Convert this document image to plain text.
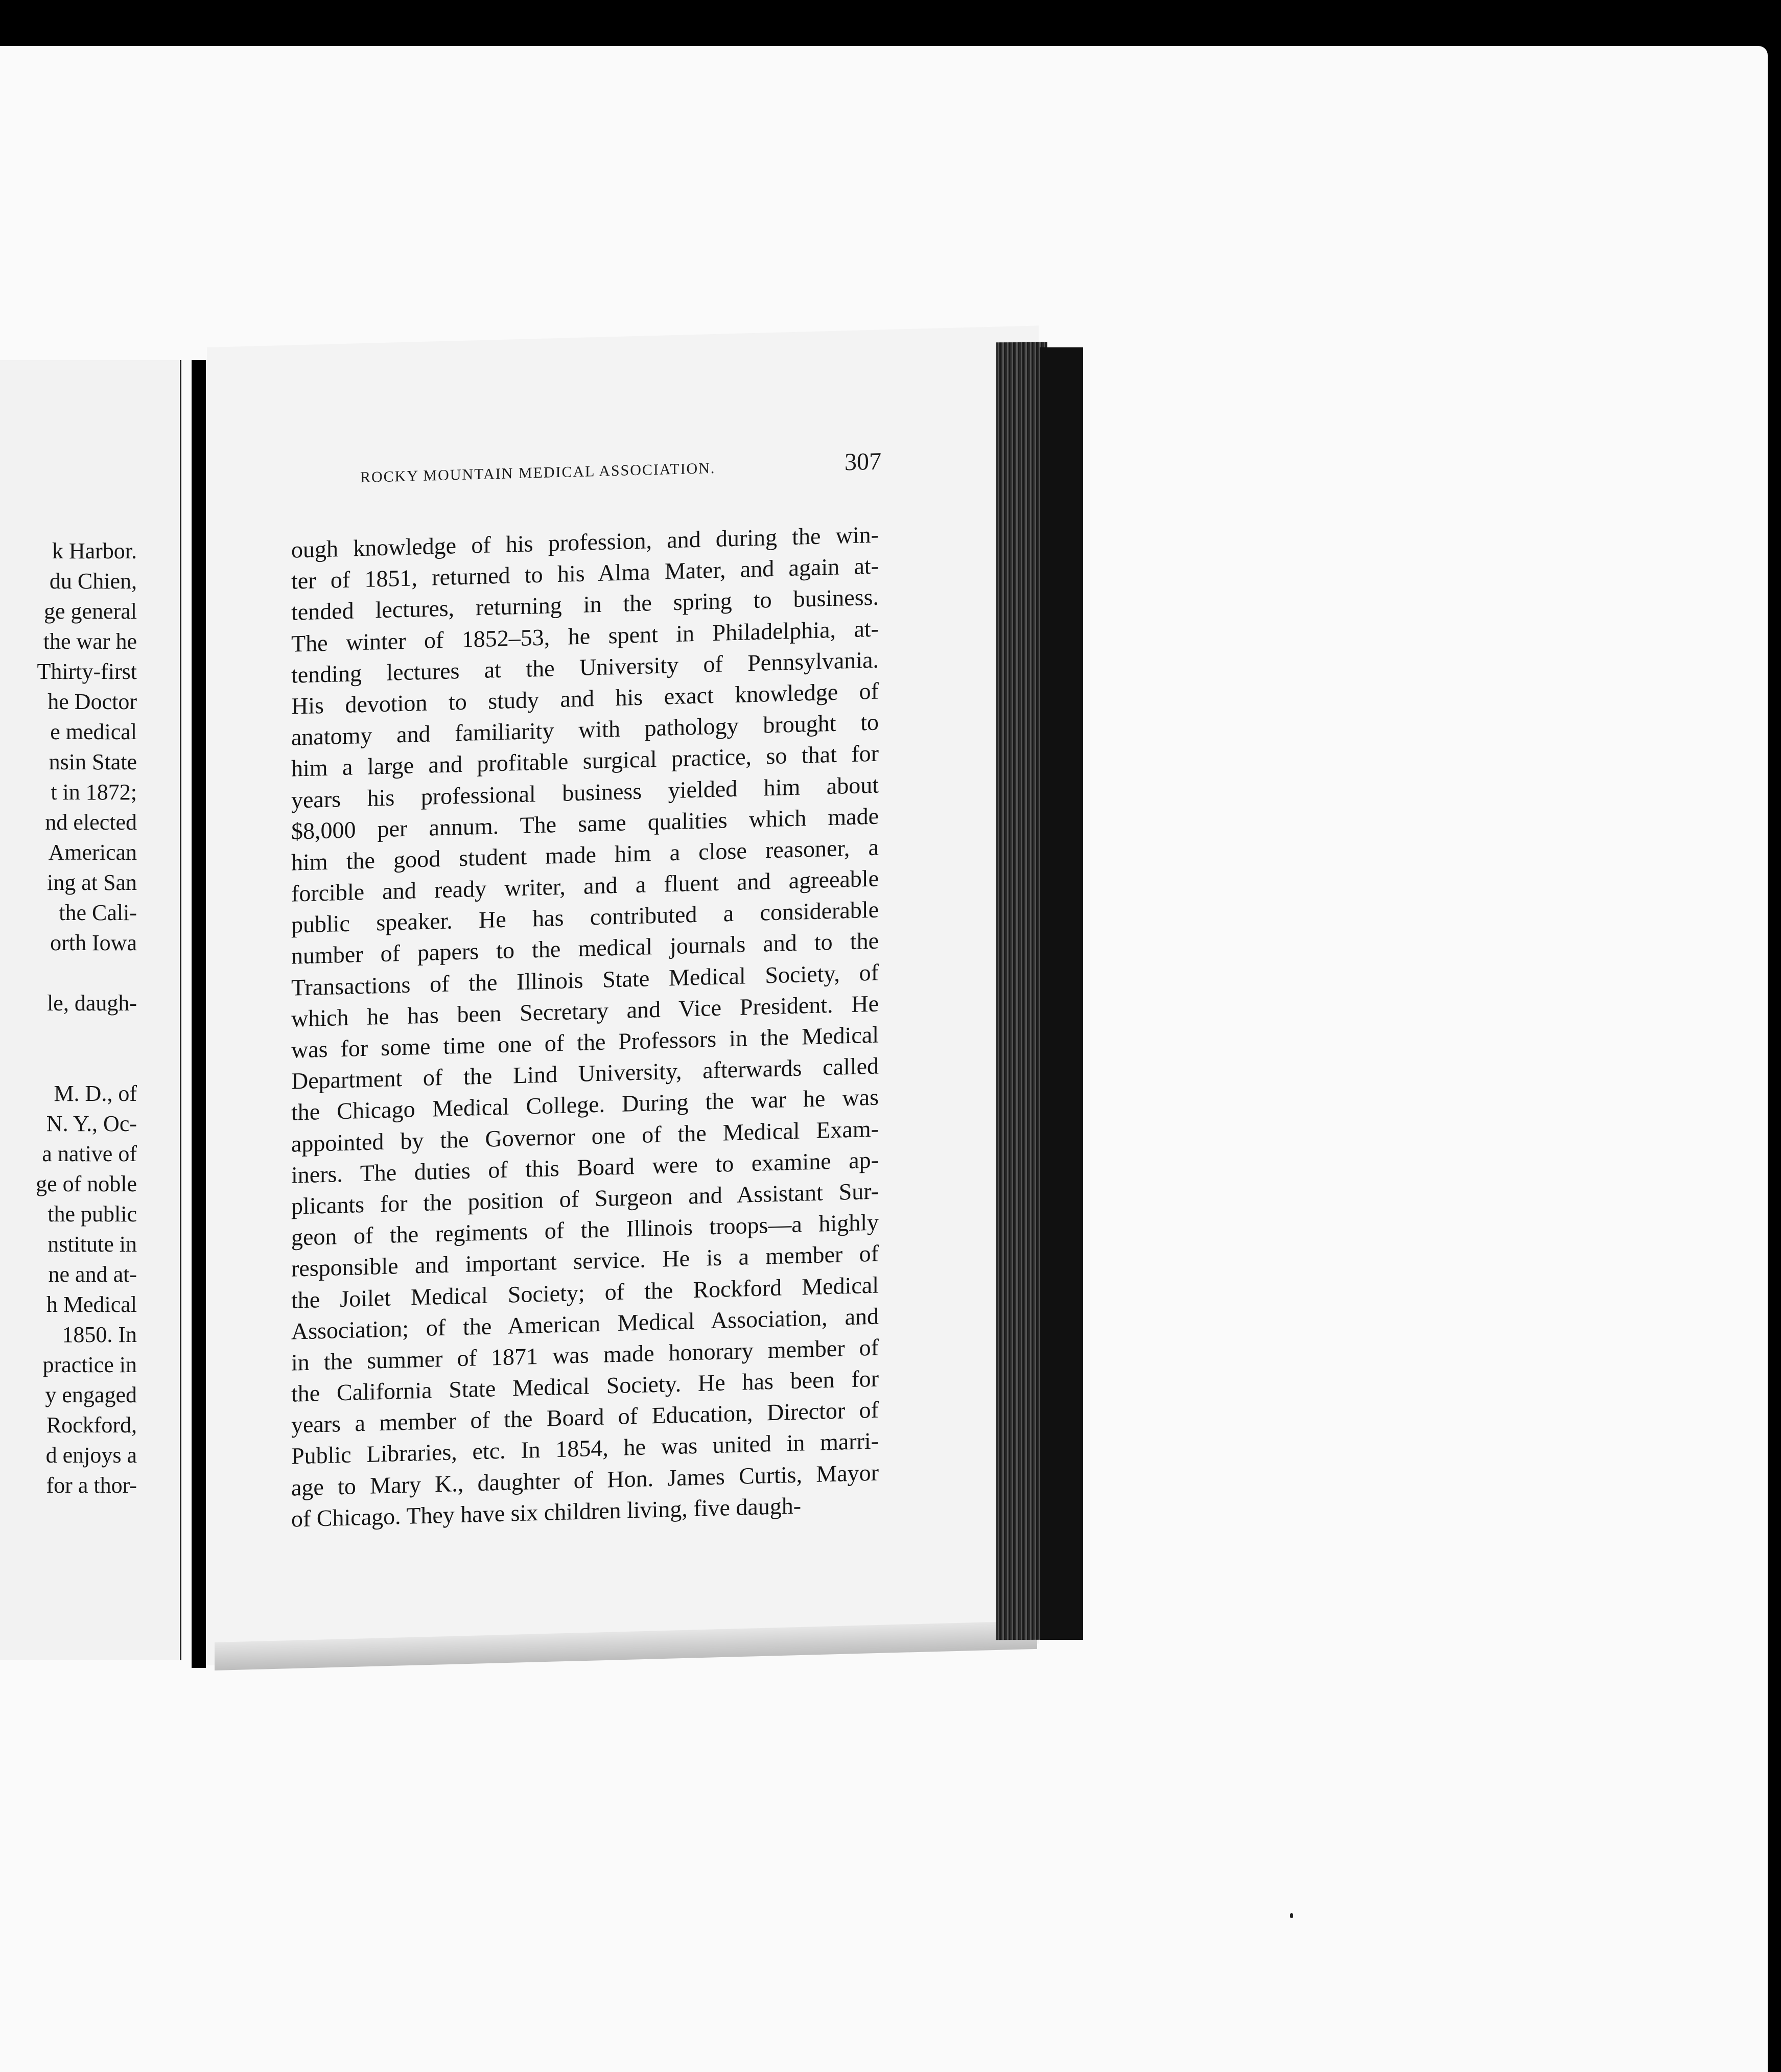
k Harbor.
du Chien,
ge general
the war he
Thirty-first
he Doctor
e medical
nsin State
t in 1872;
nd elected
American
ing at San
the Cali-
orth Iowa
le, daugh-
M. D., of
N. Y., Oc-
a native of
ge of noble
the public
nstitute in
ne and at-
h Medical
1850. In
practice in
y engaged
Rockford,
d enjoys a
for a thor-
ROCKY MOUNTAIN MEDICAL ASSOCIATION.	307
ough knowledge of his profession, and during the win-
ter of 1851, returned to his Alma Mater, and again at-
tended lectures, returning in the spring to business.
The winter of 1852–53, he spent in Philadelphia, at-
tending lectures at the University of Pennsylvania.
His devotion to study and his exact knowledge of
anatomy and familiarity with pathology brought to
him a large and profitable surgical practice, so that for
years his professional business yielded him about
$8,000 per annum. The same qualities which made
him the good student made him a close reasoner, a
forcible and ready writer, and a fluent and agreeable
public speaker. He has contributed a considerable
number of papers to the medical journals and to the
Transactions of the Illinois State Medical Society, of
which he has been Secretary and Vice President. He
was for some time one of the Professors in the Medical
Department of the Lind University, afterwards called
the Chicago Medical College. During the war he was
appointed by the Governor one of the Medical Exam-
iners. The duties of this Board were to examine ap-
plicants for the position of Surgeon and Assistant Sur-
geon of the regiments of the Illinois troops—a highly
responsible and important service. He is a member of
the Joilet Medical Society; of the Rockford Medical
Association; of the American Medical Association, and
in the summer of 1871 was made honorary member of
the California State Medical Society. He has been for
years a member of the Board of Education, Director of
Public Libraries, etc. In 1854, he was united in marri-
age to Mary K., daughter of Hon. James Curtis, Mayor
of Chicago. They have six children living, five daugh-
